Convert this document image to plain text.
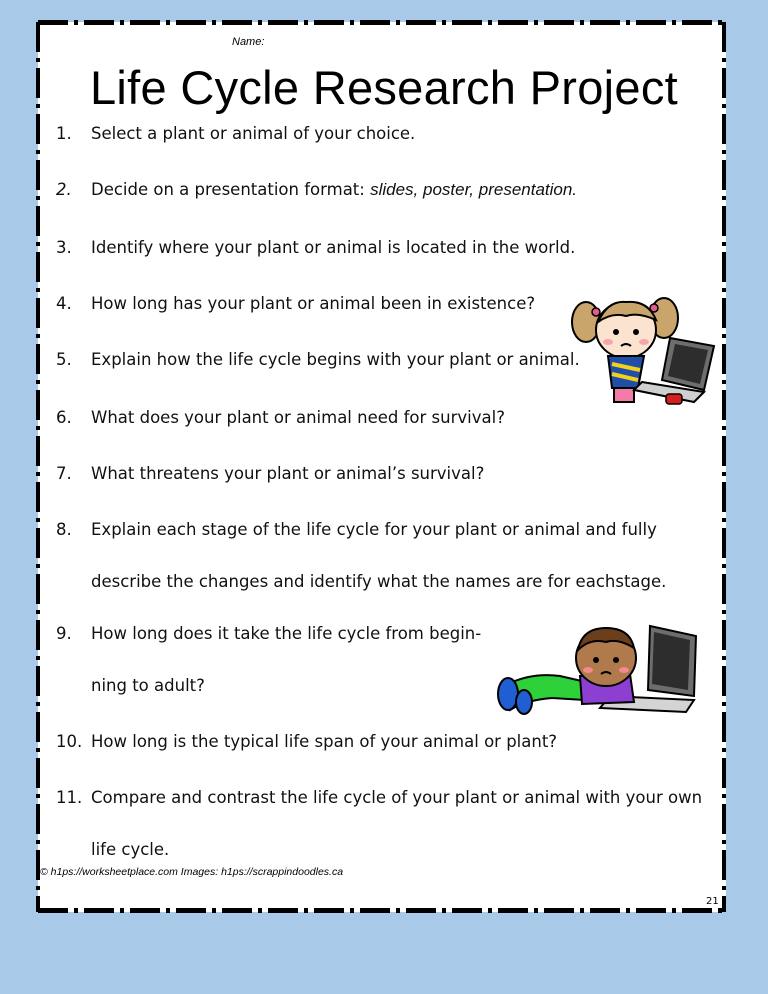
Name:
Life Cycle Research Project
1.	Select a plant or animal of your choice.
2.	Decide on a presentation format: slides, poster, presentation.
3.	Identify where your plant or animal is located in the world.
4.	How long has your plant or animal been in existence?
5.	Explain how the life cycle begins with your plant or animal.
6.	What does your plant or animal need for survival?
7.	What threatens your plant or animal’s survival?
8.	Explain each stage of the life cycle for your plant or animal and fully
describe the changes and identify what the names are for eachstage.
9.	How long does it take the life cycle from begin-
ning to adult?
10. How long is the typical life span of your animal or plant?
11. Compare and contrast the life cycle of your plant or animal with your own
life cycle.
© h1ps://worksheetplace.com Images: h1ps://scrappindoodles.ca
21
